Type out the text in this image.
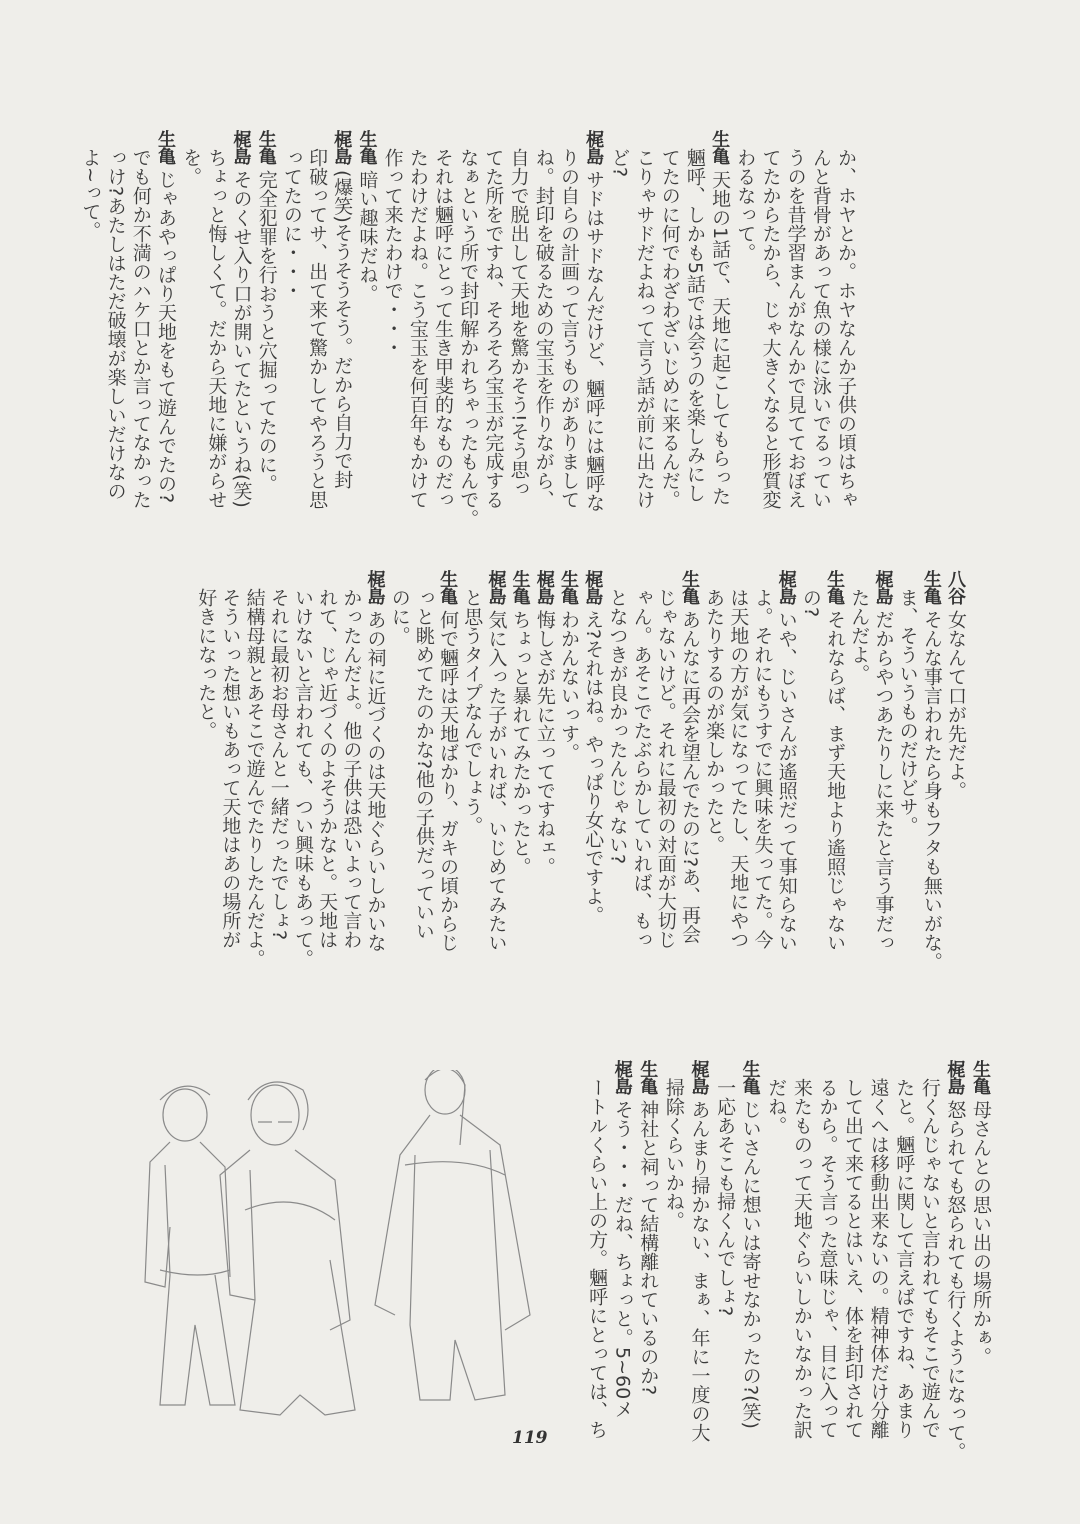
か、ホヤとか。ホヤなんか子供の頃はちゃ
んと背骨があって魚の様に泳いでるってい
うのを昔学習まんがなんかで見てておぼえ
てたからたから、じゃ大きくなると形質変
わるなって。
生亀
天地の1話で、天地に起こしてもらった
魎呼、しかも5話では会うのを楽しみにし
てたのに何でわざわざいじめに来るんだ。
こりゃサドだよねって言う話が前に出たけ
ど?
梶島
サドはサドなんだけど、魎呼には魎呼な
りの自らの計画って言うものがありまして
ね。封印を破るための宝玉を作りながら、
自力で脱出して天地を驚かそう!そう思っ
てた所をですね、そろそろ宝玉が完成する
なぁという所で封印解かれちゃったもんで。
それは魎呼にとって生き甲斐的なものだっ
たわけだよね。こう宝玉を何百年もかけて
作って来たわけで・・・
生亀
暗い趣味だね。
梶島
(爆笑)そうそうそう。だから自力で封
印破ってサ、出て来て驚かしてやろうと思
ってたのに・・・
生亀
完全犯罪を行おうと穴掘ってたのに。
梶島
そのくせ入り口が開いてたというね(笑)
ちょっと悔しくて。だから天地に嫌がらせ
を。
生亀
じゃあやっぱり天地をもて遊んでたの?
でも何か不満のハケ口とか言ってなかった
っけ?あたしはただ破壊が楽しいだけなの
よ~って。
八谷
女なんて口が先だよ。
生亀
そんな事言われたら身もフタも無いがな。
ま、そういうものだけどサ。
梶島
だからやつあたりしに来たと言う事だっ
たんだよ。
生亀
それならば、まず天地より遙照じゃない
の?
梶島
いや、じいさんが遙照だって事知らない
よ。それにもうすでに興味を失ってた。今
は天地の方が気になってたし、天地にやつ
あたりするのが楽しかったと。
生亀
あんなに再会を望んでたのに?あ、再会
じゃないけど。それに最初の対面が大切じ
ゃん。あそこでたぶらかしていれば、もっ
となつきが良かったんじゃない?
梶島
え?それはね。やっぱり女心ですよ。
生亀
わかんないっす。
梶島
悔しさが先に立ってですねェ。
生亀
ちょっと暴れてみたかったと。
梶島
気に入った子がいれば、いじめてみたい
と思うタイプなんでしょう。
生亀
何で魎呼は天地ばかり、ガキの頃からじ
っと眺めてたのかな?他の子供だっていい
のに。
梶島
あの祠に近づくのは天地ぐらいしかいな
かったんだよ。他の子供は恐いよって言わ
れて、じゃ近づくのよそうかなと。天地は
いけないと言われても、つい興味もあって。
それに最初お母さんと一緒だったでしょ?
結構母親とあそこで遊んでたりしたんだよ。
そういった想いもあって天地はあの場所が
好きになったと。
生亀
母さんとの思い出の場所かぁ。
梶島
怒られても怒られても行くようになって。
行くんじゃないと言われてもそこで遊んで
たと。魎呼に関して言えばですね、あまり
遠くへは移動出来ないの。精神体だけ分離
して出て来てるとはいえ、体を封印されて
るから。そう言った意味じゃ、目に入って
来たものって天地ぐらいしかいなかった訳
だね。
生亀
じいさんに想いは寄せなかったの?(笑)
一応あそこも掃くんでしょ?
梶島
あんまり掃かない、まぁ、年に一度の大
掃除くらいかね。
生亀
神社と祠って結構離れているのか?
梶島
そう・・・だね、ちょっと。5~60メ
ートルくらい上の方。魎呼にとっては、ち
119
